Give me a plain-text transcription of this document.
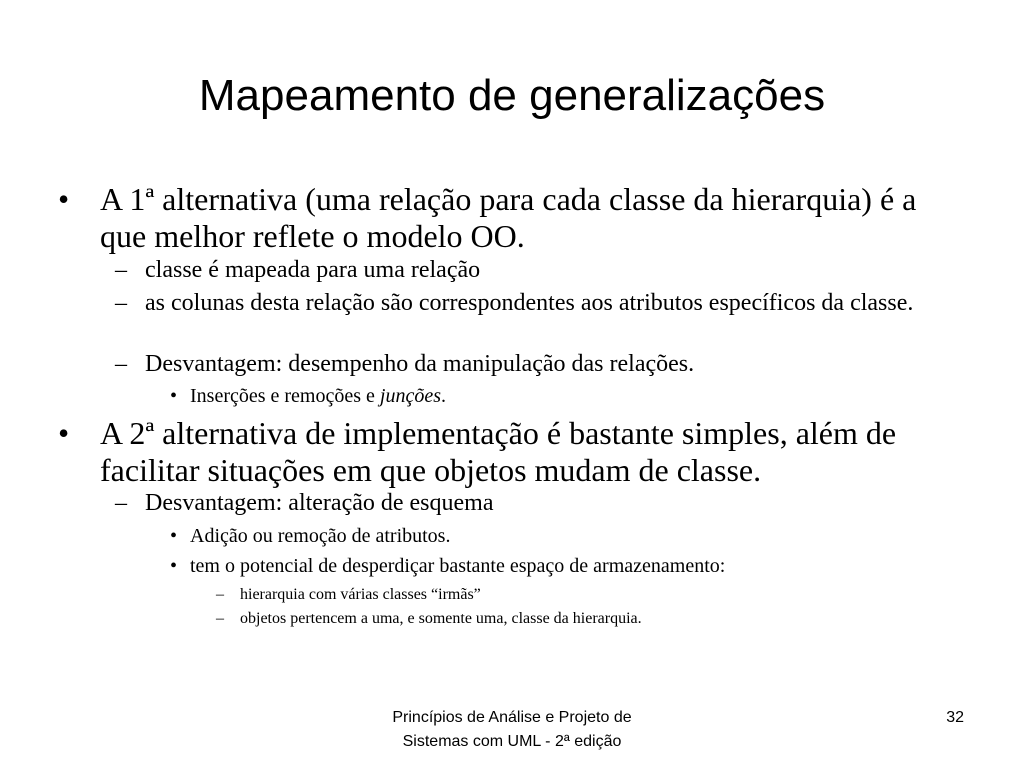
Mapeamento de generalizações
• A 1ª alternativa (uma relação para cada classe da hierarquia) é a que melhor reflete o modelo OO.
– classe é mapeada para uma relação
– as colunas desta relação são correspondentes aos atributos específicos da classe.
– Desvantagem: desempenho da manipulação das relações.
• Inserções e remoções e junções.
• A 2ª alternativa de implementação é bastante simples, além de facilitar situações em que objetos mudam de classe.
– Desvantagem: alteração de esquema
• Adição ou remoção de atributos.
• tem o potencial de desperdiçar bastante espaço de armazenamento:
–	hierarquia com várias classes “irmãs”
–	objetos pertencem a uma, e somente uma, classe da hierarquia.
Princípios de Análise e Projeto de
Sistemas com UML - 2ª edição
32
